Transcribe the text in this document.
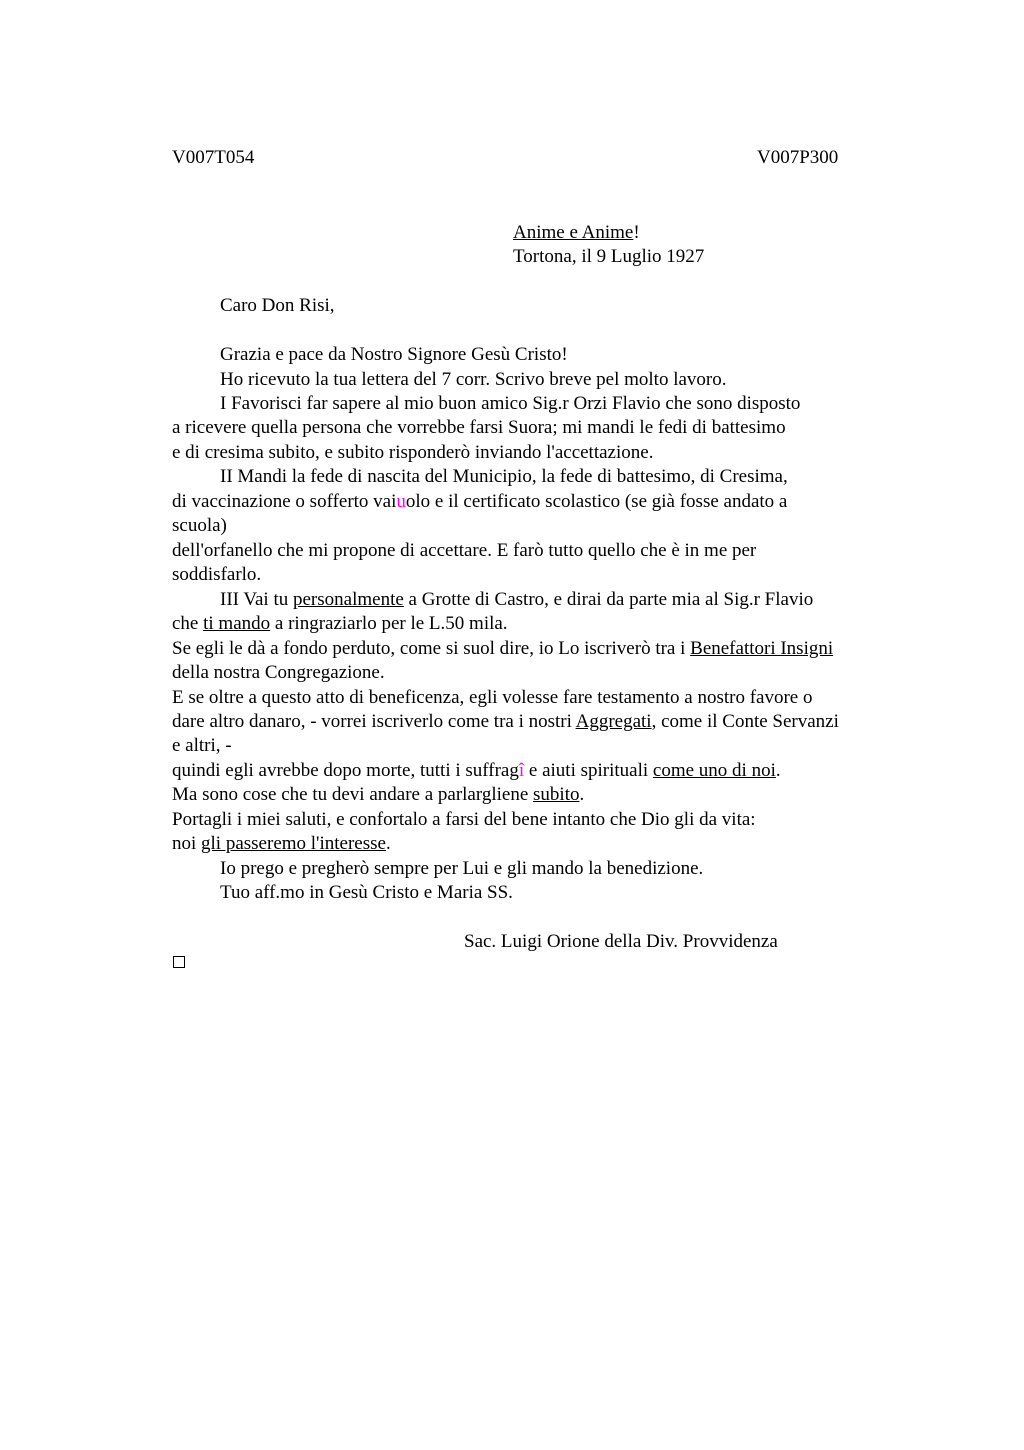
V007T054	V007P300
Anime e Anime!
Tortona, il 9 Luglio 1927
Caro Don Risi,
Grazia e pace da Nostro Signore Gesù Cristo!
Ho ricevuto la tua lettera del 7 corr. Scrivo breve pel molto lavoro.
I Favorisci far sapere al mio buon amico Sig.r Orzi Flavio che sono disposto
a ricevere quella persona che vorrebbe farsi Suora; mi mandi le fedi di battesimo
e di cresima subito, e subito risponderò inviando l'accettazione.
II Mandi la fede di nascita del Municipio, la fede di battesimo, di Cresima,
di vaccinazione o sofferto vaiuolo e il certificato scolastico (se già fosse andato a
scuola)
dell'orfanello che mi propone di accettare. E farò tutto quello che è in me per
soddisfarlo.
III Vai tu personalmente a Grotte di Castro, e dirai da parte mia al Sig.r Flavio
che ti mando a ringraziarlo per le L.50 mila.
Se egli le dà a fondo perduto, come si suol dire, io Lo iscriverò tra i Benefattori Insigni
della nostra Congregazione.
E se oltre a questo atto di beneficenza, egli volesse fare testamento a nostro favore o
dare altro danaro, - vorrei iscriverlo come tra i nostri Aggregati, come il Conte Servanzi
e altri, -
quindi egli avrebbe dopo morte, tutti i suffragî e aiuti spirituali come uno di noi.
Ma sono cose che tu devi andare a parlargliene subito.
Portagli i miei saluti, e confortalo a farsi del bene intanto che Dio gli da vita:
noi gli passeremo l'interesse.
Io prego e pregherò sempre per Lui e gli mando la benedizione.
Tuo aff.mo in Gesù Cristo e Maria SS.
Sac. Luigi Orione della Div. Provvidenza
